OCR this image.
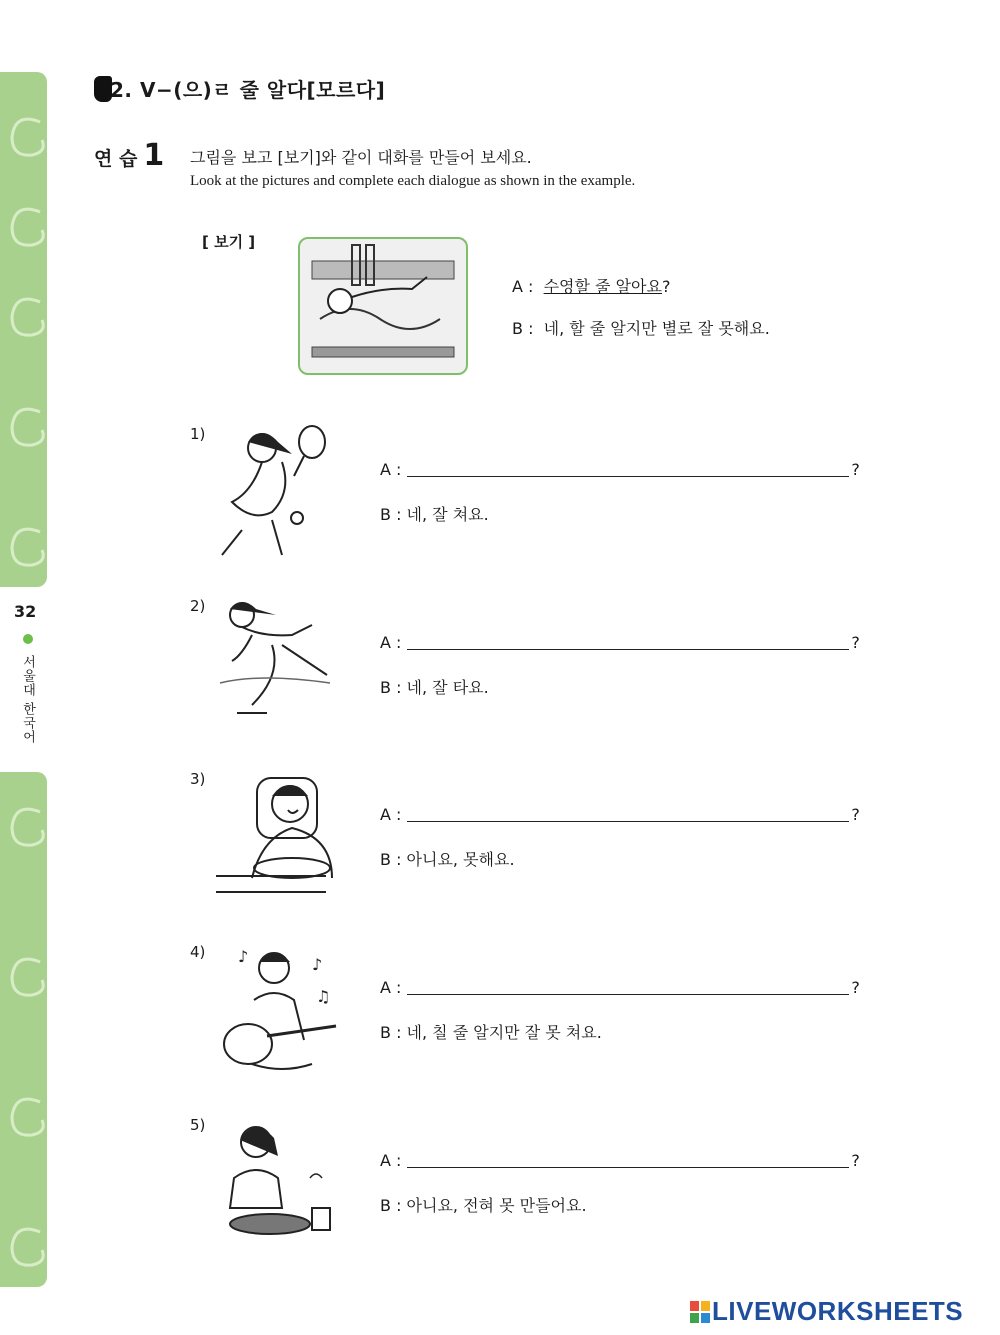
32
서울대 한국어
2. V−(으)ㄹ 줄 알다[모르다]
연 습 1 그림을 보고 [보기]와 같이 대화를 만들어 보세요.
Look at the pictures and complete each dialogue as shown in the example.
[ 보기 ]
A : 수영할 줄 알아요?
B : 네, 할 줄 알지만 별로 잘 못해요.
1)
A :	?
B : 네, 잘 쳐요.
2)
A :	?
B : 네, 잘 타요.
3)
A :	?
B : 아니요, 못해요.
4) ♪	♪
♫	A :	?
B : 네, 칠 줄 알지만 잘 못 쳐요.
5)
A :	?
B : 아니요, 전혀 못 만들어요.
LIVEWORKSHEETS
